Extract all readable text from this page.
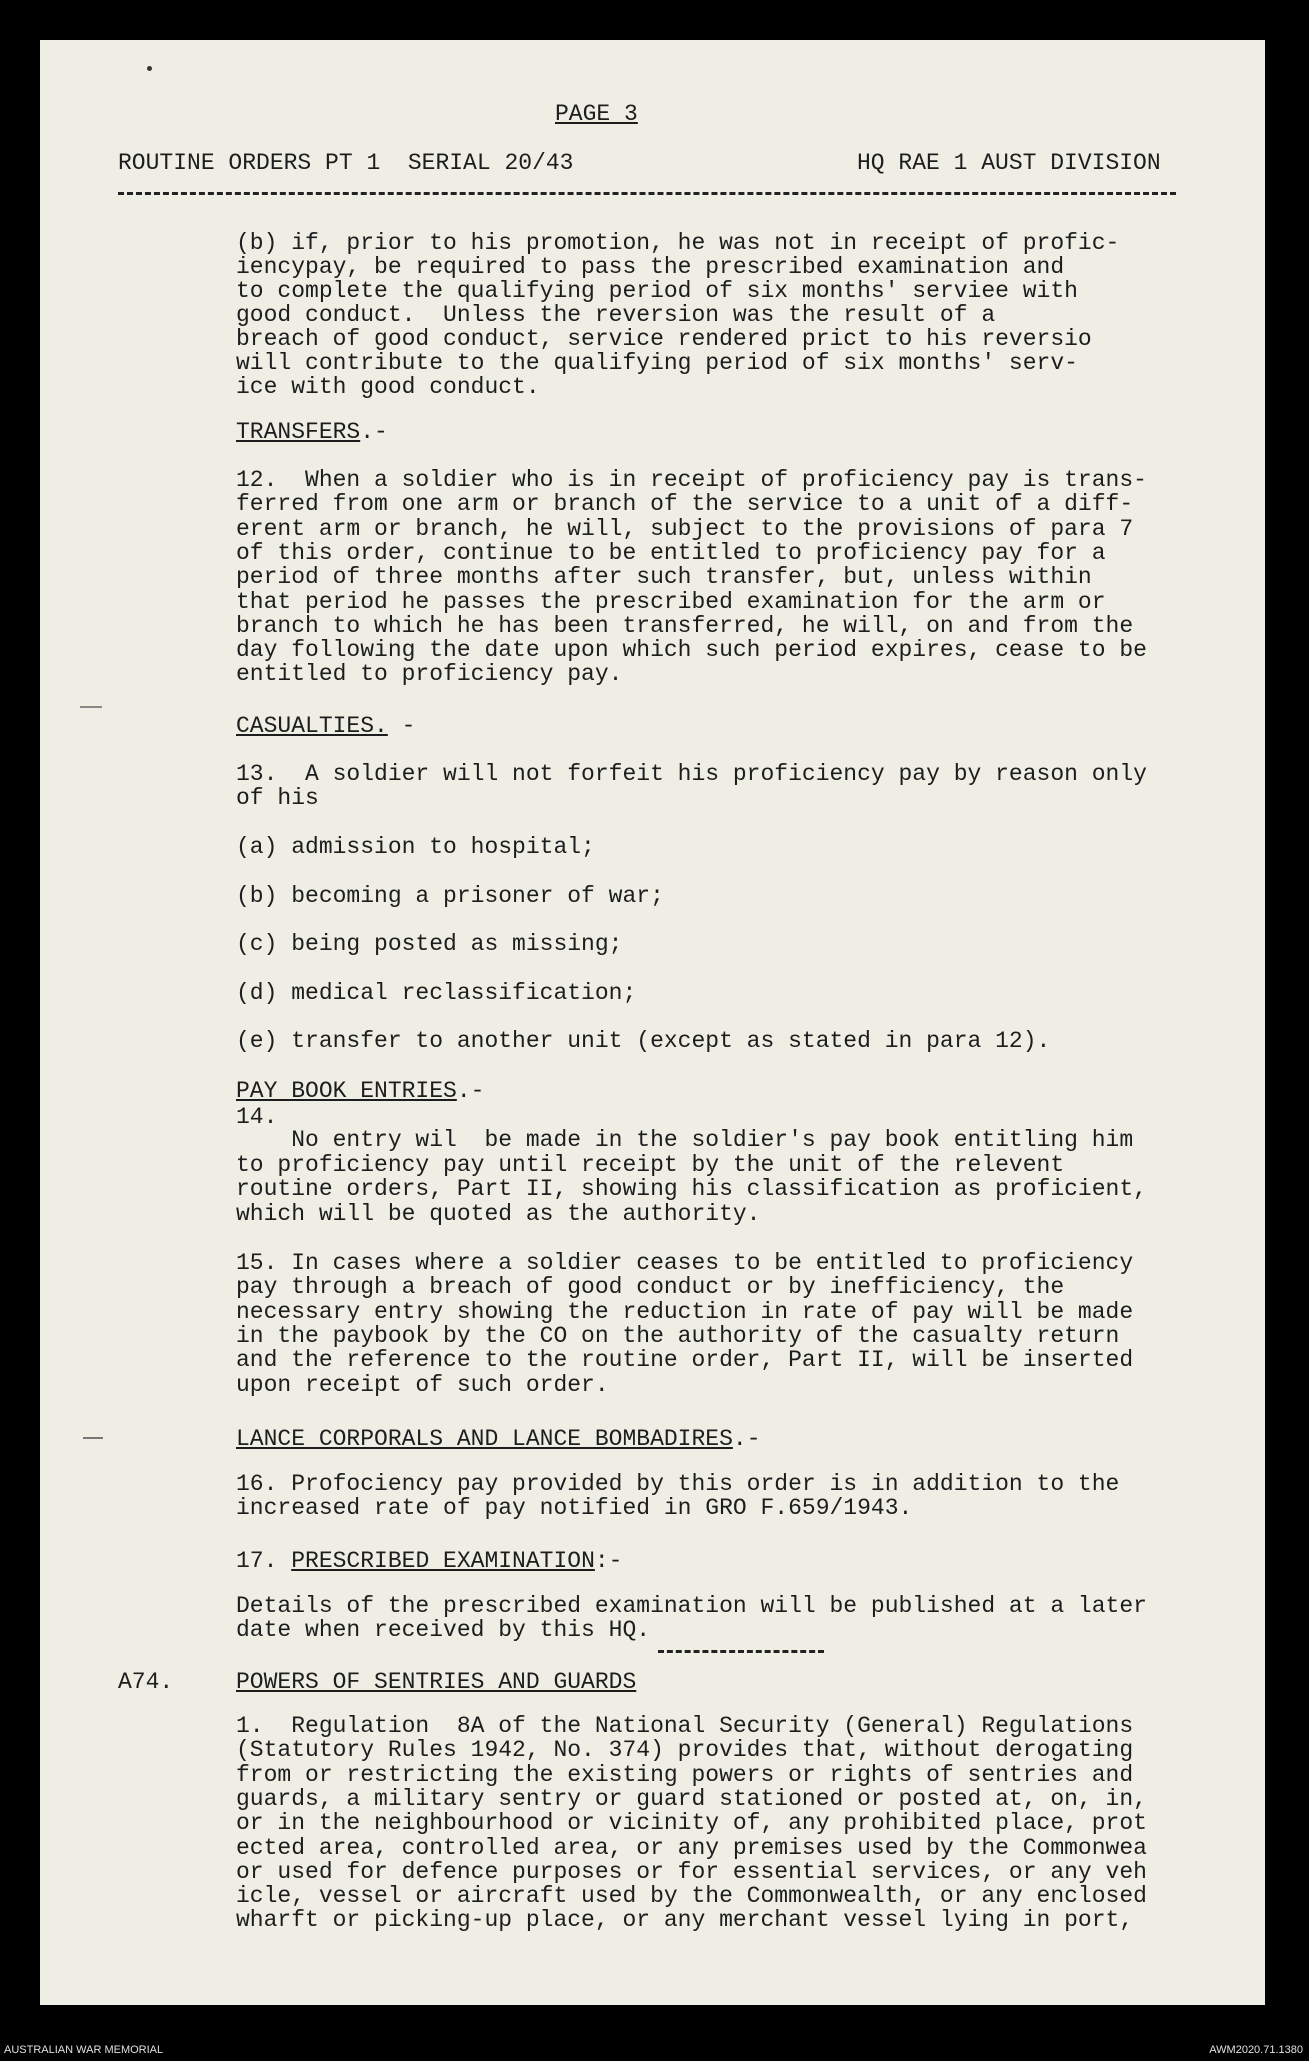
PAGE 3
ROUTINE ORDERS PT 1  SERIAL 20/43	HQ RAE 1 AUST DIVISION
(b) if, prior to his promotion, he was not in receipt of profic-
iencypay, be required to pass the prescribed examination and
to complete the qualifying period of six months' serviee with
good conduct.  Unless the reversion was the result of a
breach of good conduct, service rendered prict to his reversio
will contribute to the qualifying period of six months' serv-
ice with good conduct.
TRANSFERS.-
12.  When a soldier who is in receipt of proficiency pay is trans-
ferred from one arm or branch of the service to a unit of a diff-
erent arm or branch, he will, subject to the provisions of para 7
of this order, continue to be entitled to proficiency pay for a
period of three months after such transfer, but, unless within
that period he passes the prescribed examination for the arm or
branch to which he has been transferred, he will, on and from the
day following the date upon which such period expires, cease to be
entitled to proficiency pay.
CASUALTIES. -
13.  A soldier will not forfeit his proficiency pay by reason only
of his
(a) admission to hospital;
(b) becoming a prisoner of war;
(c) being posted as missing;
(d) medical reclassification;
(e) transfer to another unit (except as stated in para 12).
PAY BOOK ENTRIES.-
14.
No entry wil  be made in the soldier's pay book entitling him
to proficiency pay until receipt by the unit of the relevent
routine orders, Part II, showing his classification as proficient,
which will be quoted as the authority.
15. In cases where a soldier ceases to be entitled to proficiency
pay through a breach of good conduct or by inefficiency, the
necessary entry showing the reduction in rate of pay will be made
in the paybook by the CO on the authority of the casualty return
and the reference to the routine order, Part II, will be inserted
upon receipt of such order.
LANCE CORPORALS AND LANCE BOMBADIRES.-
16. Profociency pay provided by this order is in addition to the
increased rate of pay notified in GRO F.659/1943.
17. PRESCRIBED EXAMINATION:-
Details of the prescribed examination will be published at a later
date when received by this HQ.
A74.	POWERS OF SENTRIES AND GUARDS
1.  Regulation  8A of the National Security (General) Regulations
(Statutory Rules 1942, No. 374) provides that, without derogating
from or restricting the existing powers or rights of sentries and
guards, a military sentry or guard stationed or posted at, on, in,
or in the neighbourhood or vicinity of, any prohibited place, prot
ected area, controlled area, or any premises used by the Commonwea
or used for defence purposes or for essential services, or any veh
icle, vessel or aircraft used by the Commonwealth, or any enclosed
wharft or picking-up place, or any merchant vessel lying in port,
AUSTRALIAN WAR MEMORIAL	AWM2020.71.1380
